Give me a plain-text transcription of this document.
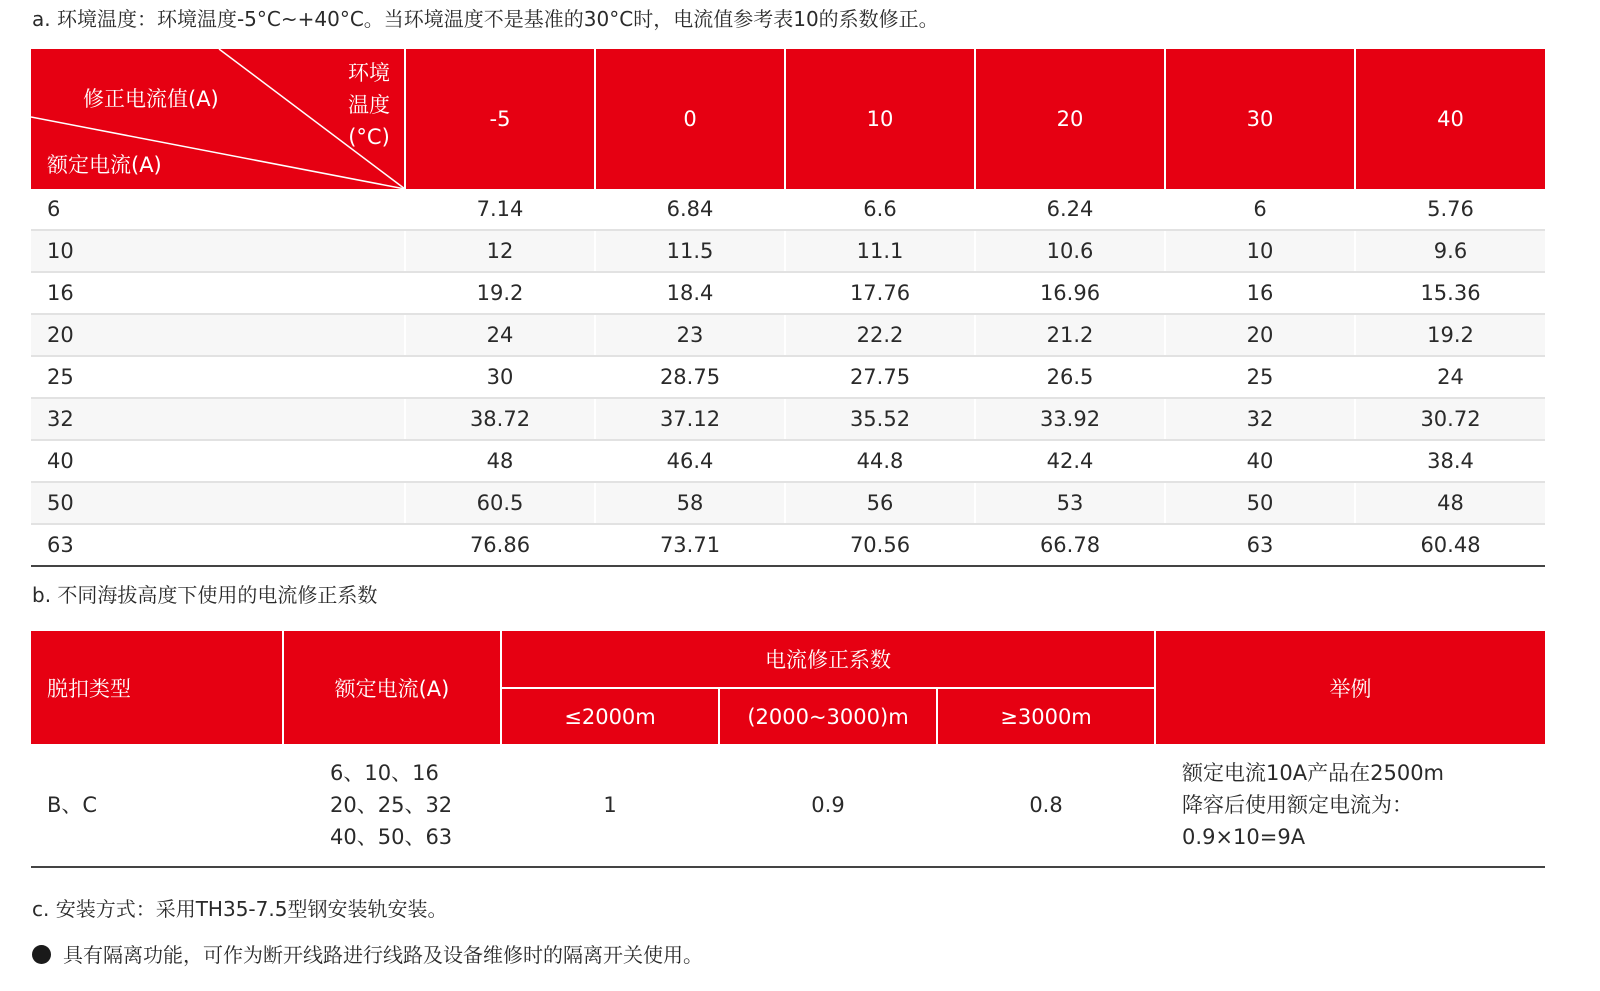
a. 环境温度：环境温度-5°C~+40°C。当环境温度不是基准的30°C时，电流值参考表10的系数修正。
修正电流值(A)
环境
温度
(°C)
额定电流(A)	-5	0	10	20	30	40
6	7.14	6.84	6.6	6.24	6	5.76
10	12	11.5	11.1	10.6	10	9.6
16	19.2	18.4	17.76	16.96	16	15.36
20	24	23	22.2	21.2	20	19.2
25	30	28.75	27.75	26.5	25	24
32	38.72	37.12	35.52	33.92	32	30.72
40	48	46.4	44.8	42.4	40	38.4
50	60.5	58	56	53	50	48
63	76.86	73.71	70.56	66.78	63	60.48
b. 不同海拔高度下使用的电流修正系数
脱扣类型	额定电流(A)	电流修正系数			举例
		≤2000m	(2000~3000)m	≥3000m	
B、C	6、10、16
20、25、32
40、50、63	1	0.9	0.8	额定电流10A产品在2500m
降容后使用额定电流为：
0.9×10=9A
c. 安装方式：采用TH35-7.5型钢安装轨安装。
具有隔离功能，可作为断开线路进行线路及设备维修时的隔离开关使用。
